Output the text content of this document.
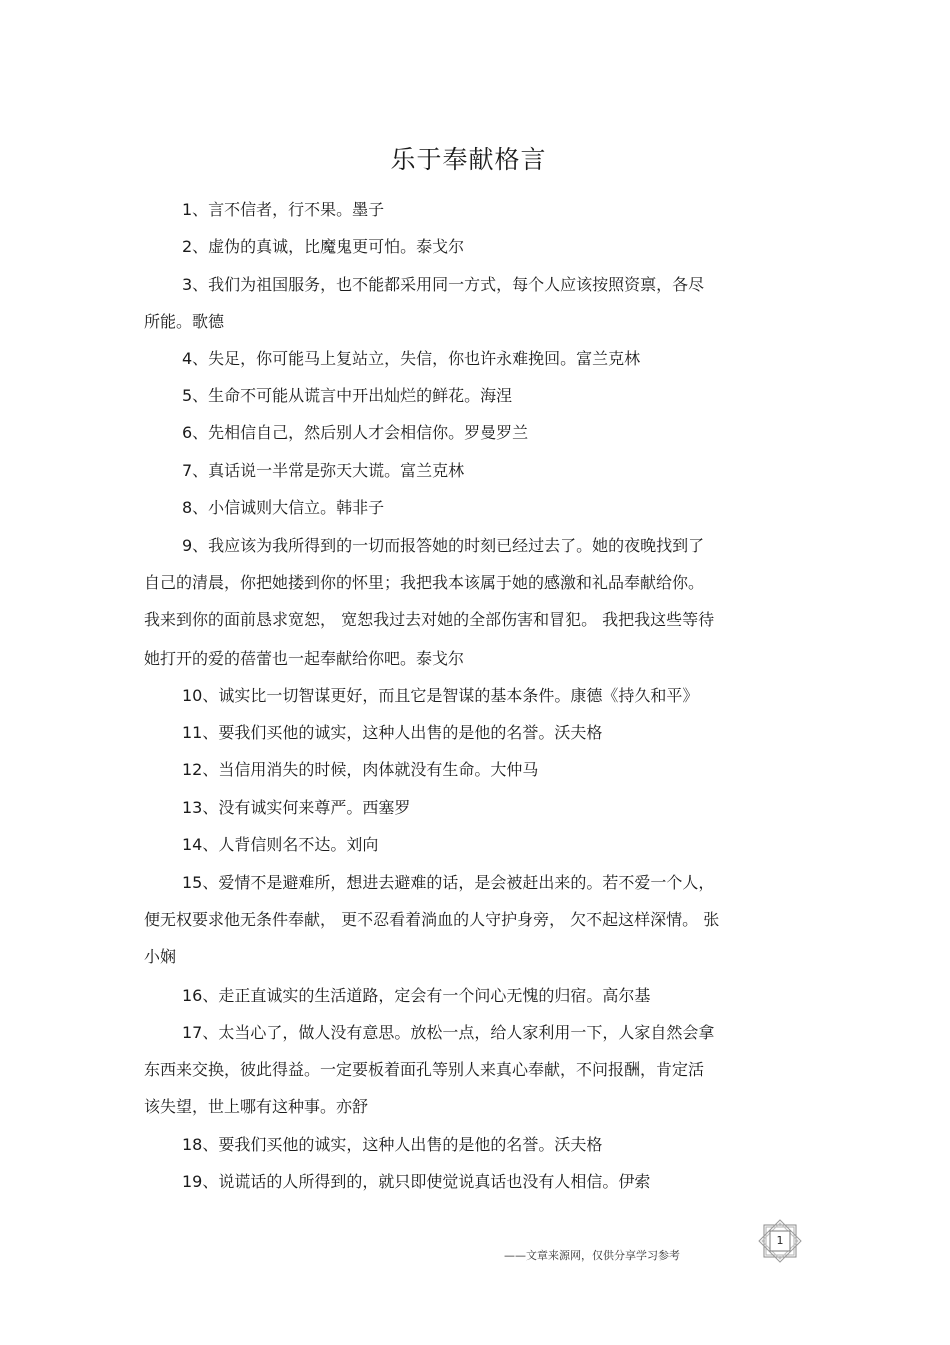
乐于奉献格言
1、言不信者，行不果。墨子
2、虚伪的真诚，比魔鬼更可怕。泰戈尔
3、我们为祖国服务，也不能都采用同一方式，每个人应该按照资禀，各尽
所能。歌德
4、失足，你可能马上复站立，失信，你也许永难挽回。富兰克林
5、生命不可能从谎言中开出灿烂的鲜花。海涅
6、先相信自己，然后别人才会相信你。罗曼罗兰
7、真话说一半常是弥天大谎。富兰克林
8、小信诚则大信立。韩非子
9、我应该为我所得到的一切而报答她的时刻已经过去了。她的夜晚找到了
自己的清晨，你把她搂到你的怀里；我把我本该属于她的感激和礼品奉献给你。
我来到你的面前恳求宽恕， 宽恕我过去对她的全部伤害和冒犯。 我把我这些等待
她打开的爱的蓓蕾也一起奉献给你吧。泰戈尔
10、诚实比一切智谋更好，而且它是智谋的基本条件。康德《持久和平》
11、要我们买他的诚实，这种人出售的是他的名誉。沃夫格
12、当信用消失的时候，肉体就没有生命。大仲马
13、没有诚实何来尊严。西塞罗
14、人背信则名不达。刘向
15、爱情不是避难所，想进去避难的话，是会被赶出来的。若不爱一个人，
便无权要求他无条件奉献， 更不忍看着淌血的人守护身旁， 欠不起这样深情。 张
小娴
16、走正直诚实的生活道路，定会有一个问心无愧的归宿。高尔基
17、太当心了，做人没有意思。放松一点，给人家利用一下，人家自然会拿
东西来交换，彼此得益。一定要板着面孔等别人来真心奉献，不问报酬，肯定活
该失望，世上哪有这种事。亦舒
18、要我们买他的诚实，这种人出售的是他的名誉。沃夫格
19、说谎话的人所得到的，就只即使觉说真话也没有人相信。伊索
——文章来源网，仅供分享学习参考
1
